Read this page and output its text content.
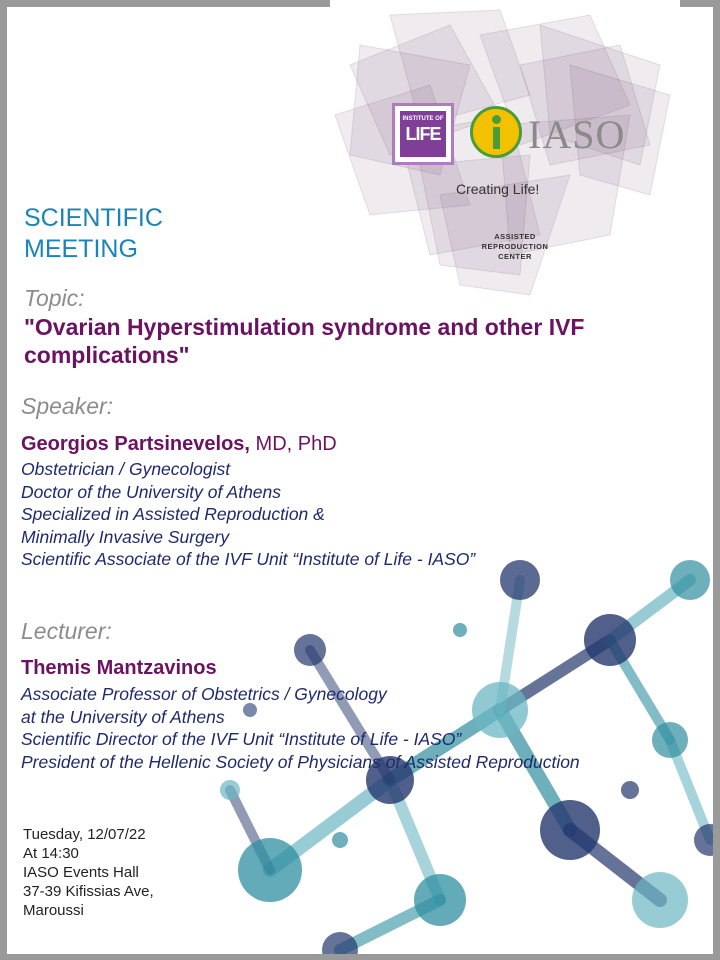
INSTITUTE OF
LIFE IASO
Creating Life!
ASSISTED
REPRODUCTION
CENTER
SCIENTIFIC
MEETING
Topic:
"Ovarian Hyperstimulation syndrome and other IVF complications"
Speaker:
Georgios Partsinevelos, MD, PhD
Obstetrician / Gynecologist
Doctor of the University of Athens
Specialized in Assisted Reproduction &
Minimally Invasive Surgery
Scientific Associate of the IVF Unit “Institute of Life - IASO”
Lecturer:
Themis Mantzavinos
Associate Professor of Obstetrics / Gynecology
at the University of Athens
Scientific Director of the IVF Unit “Institute of Life - IASO”
President of the Hellenic Society of Physicians of Assisted Reproduction
Tuesday, 12/07/22
At 14:30
IASO Events Hall
37-39 Kifissias Ave,
Maroussi
